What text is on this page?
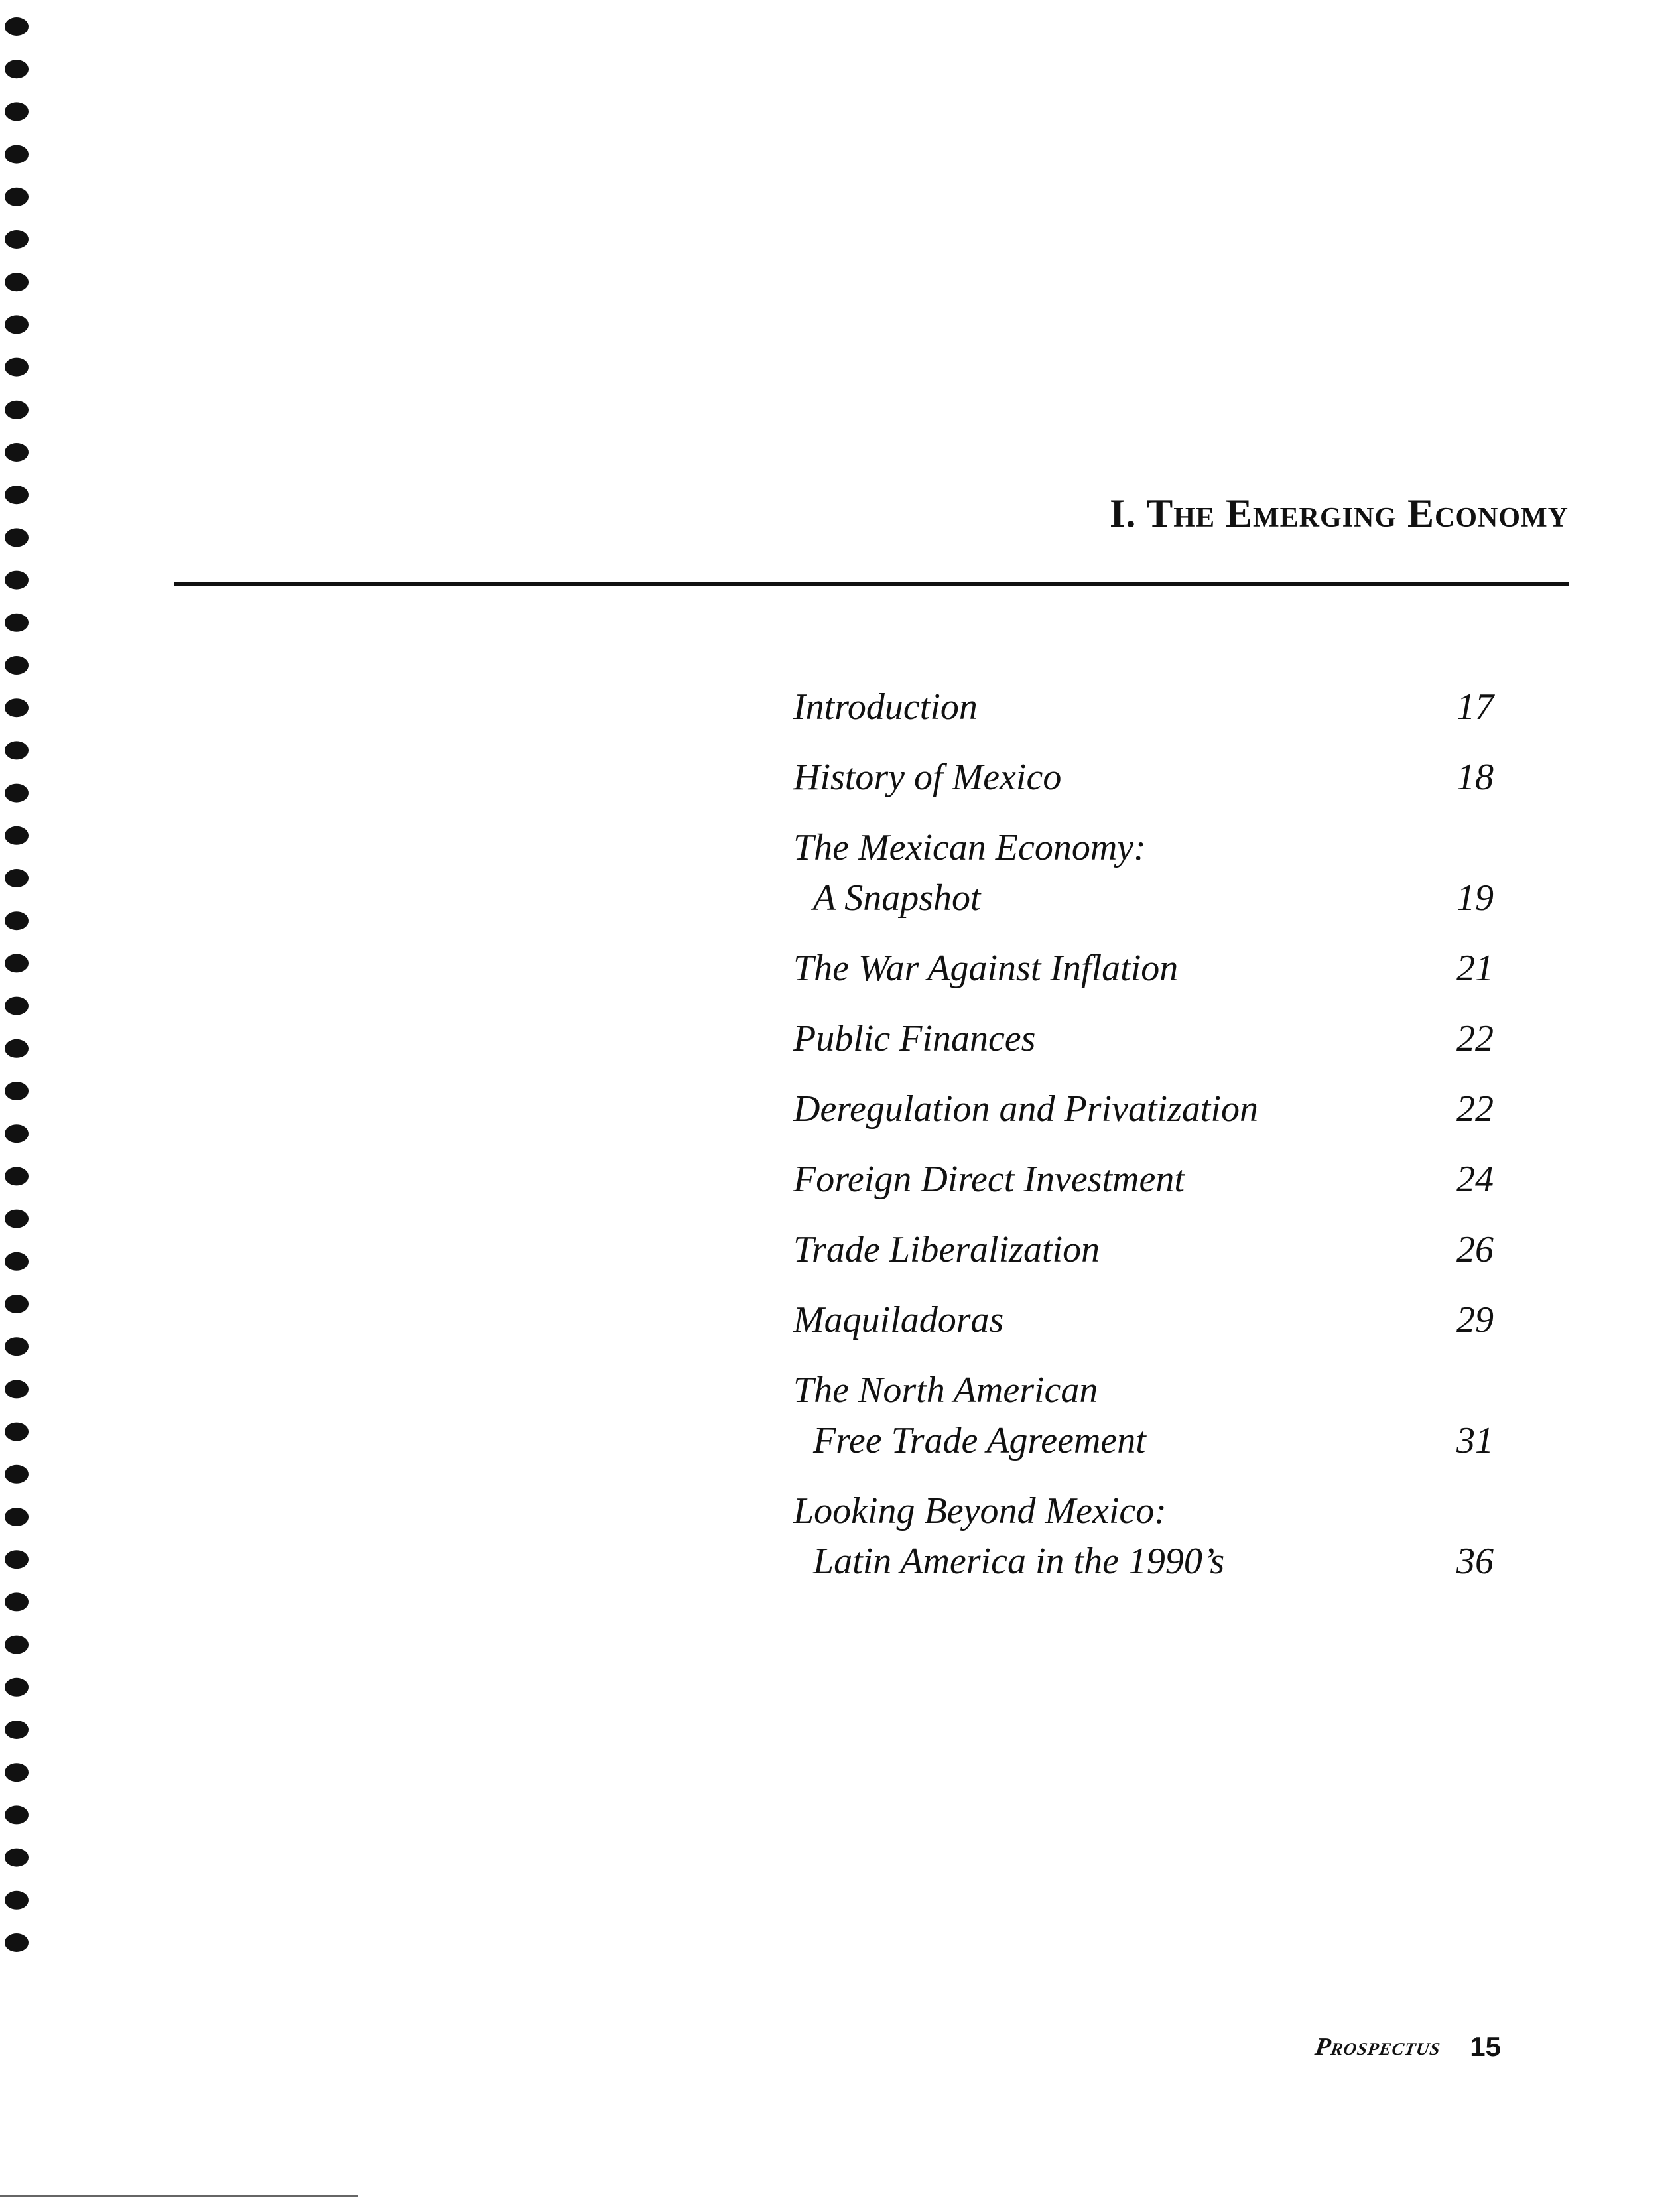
I. The Emerging Economy
Introduction	17
History of Mexico	18
The Mexican Economy:
A Snapshot	19
The War Against Inflation	21
Public Finances	22
Deregulation and Privatization	22
Foreign Direct Investment	24
Trade Liberalization	26
Maquiladoras	29
The North American
Free Trade Agreement	31
Looking Beyond Mexico:
Latin America in the 1990’s	36
Prospectus 15
